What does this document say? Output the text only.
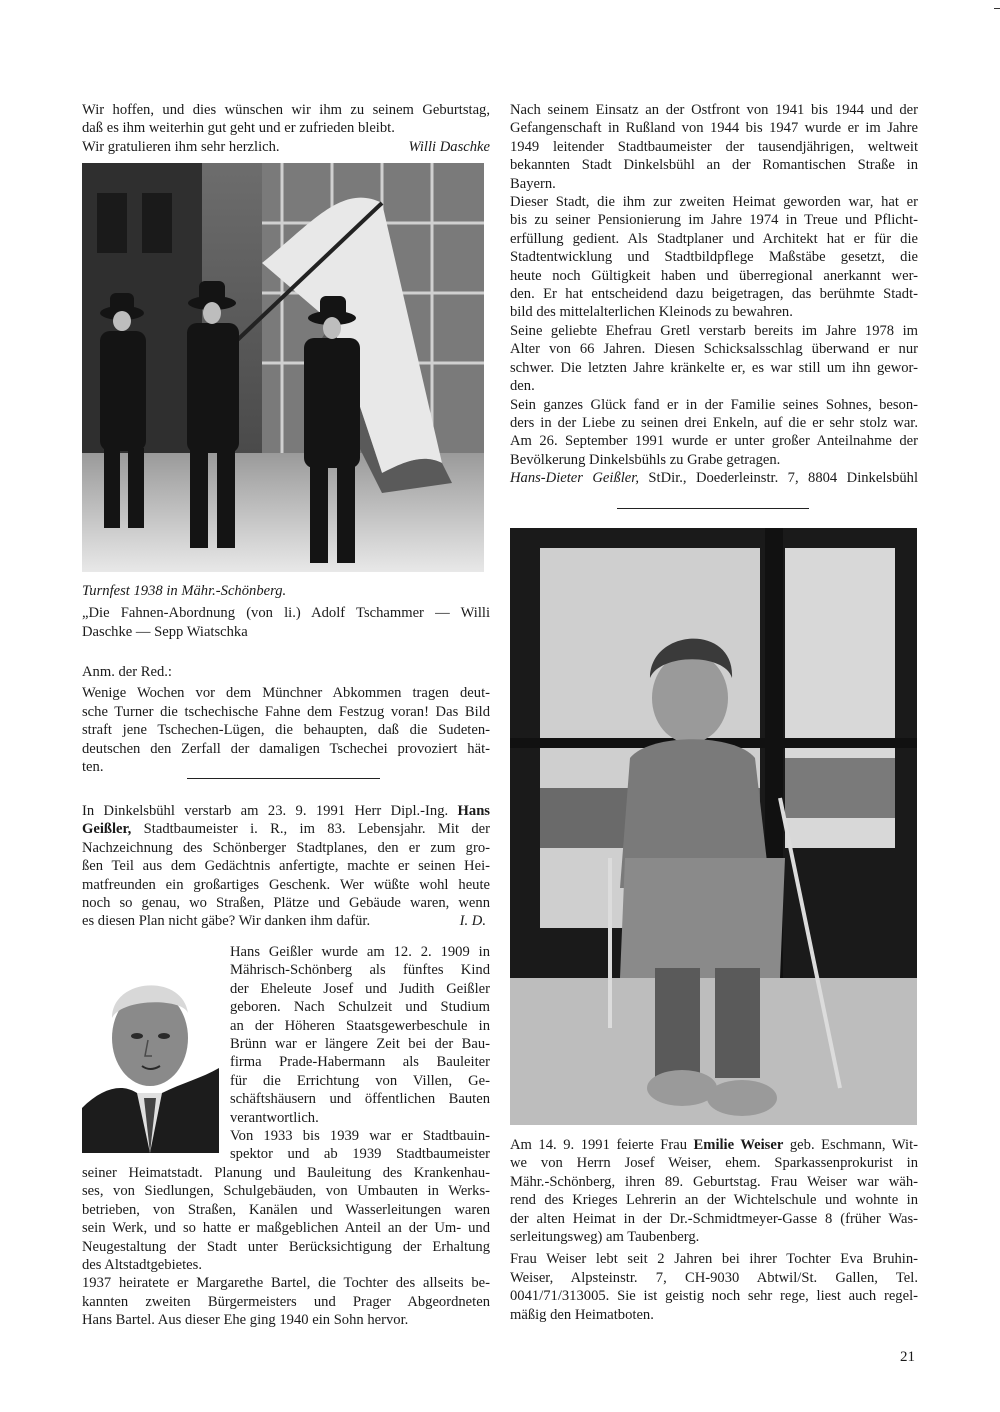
Wir hoffen, und dies wünschen wir ihm zu seinem Geburtstag,
daß es ihm weiterhin gut geht und er zufrieden bleibt.
Wir gratulieren ihm sehr herzlich.	Willi Daschke
Turnfest 1938 in Mähr.-Schönberg.
„Die Fahnen-Abordnung (von li.) Adolf Tschammer — Willi
Daschke — Sepp Wiatschka
Anm. der Red.:
Wenige Wochen vor dem Münchner Abkommen tragen deut-
sche Turner die tschechische Fahne dem Festzug voran! Das Bild
straft jene Tschechen-Lügen, die behaupten, daß die Sudeten-
deutschen den Zerfall der damaligen Tschechei provoziert hät-
ten.
In Dinkelsbühl verstarb am 23. 9. 1991 Herr Dipl.-Ing. Hans
Geißler, Stadtbaumeister i. R., im 83. Lebensjahr. Mit der
Nachzeichnung des Schönberger Stadtplanes, den er zum gro-
ßen Teil aus dem Gedächtnis anfertigte, machte er seinen Hei-
matfreunden ein großartiges Geschenk. Wer wüßte wohl heute
noch so genau, wo Straßen, Plätze und Gebäude waren, wenn
es diesen Plan nicht gäbe? Wir danken ihm dafür.	I. D.
Hans Geißler wurde am 12. 2. 1909 in
Mährisch-Schönberg als fünftes Kind
der Eheleute Josef und Judith Geißler
geboren. Nach Schulzeit und Studium
an der Höheren Staatsgewerbeschule in
Brünn war er längere Zeit bei der Bau-
firma Prade-Habermann als Bauleiter
für die Errichtung von Villen, Ge-
schäftshäusern und öffentlichen Bauten
verantwortlich.
Von 1933 bis 1939 war er Stadtbauin-
spektor und ab 1939 Stadtbaumeister
seiner Heimatstadt. Planung und Bauleitung des Krankenhau-
ses, von Siedlungen, Schulgebäuden, von Umbauten in Werks-
betrieben, von Straßen, Kanälen und Wasserleitungen waren
sein Werk, und so hatte er maßgeblichen Anteil an der Um- und
Neugestaltung der Stadt unter Berücksichtigung der Erhaltung
des Altstadtgebietes.
1937 heiratete er Margarethe Bartel, die Tochter des allseits be-
kannten zweiten Bürgermeisters und Prager Abgeordneten
Hans Bartel. Aus dieser Ehe ging 1940 ein Sohn hervor.
Nach seinem Einsatz an der Ostfront von 1941 bis 1944 und der
Gefangenschaft in Rußland von 1944 bis 1947 wurde er im Jahre
1949 leitender Stadtbaumeister der tausendjährigen, weltweit
bekannten Stadt Dinkelsbühl an der Romantischen Straße in
Bayern.
Dieser Stadt, die ihm zur zweiten Heimat geworden war, hat er
bis zu seiner Pensionierung im Jahre 1974 in Treue und Pflicht-
erfüllung gedient. Als Stadtplaner und Architekt hat er für die
Stadtentwicklung und Stadtbildpflege Maßstäbe gesetzt, die
heute noch Gültigkeit haben und überregional anerkannt wer-
den. Er hat entscheidend dazu beigetragen, das berühmte Stadt-
bild des mittelalterlichen Kleinods zu bewahren.
Seine geliebte Ehefrau Gretl verstarb bereits im Jahre 1978 im
Alter von 66 Jahren. Diesen Schicksalsschlag überwand er nur
schwer. Die letzten Jahre kränkelte er, es war still um ihn gewor-
den.
Sein ganzes Glück fand er in der Familie seines Sohnes, beson-
ders in der Liebe zu seinen drei Enkeln, auf die er sehr stolz war.
Am 26. September 1991 wurde er unter großer Anteilnahme der
Bevölkerung Dinkelsbühls zu Grabe getragen.
Hans-Dieter Geißler, StDir., Doederleinstr. 7, 8804 Dinkelsbühl
Am 14. 9. 1991 feierte Frau Emilie Weiser geb. Eschmann, Wit-
we von Herrn Josef Weiser, ehem. Sparkassenprokurist in
Mähr.-Schönberg, ihren 89. Geburtstag. Frau Weiser war wäh-
rend des Krieges Lehrerin an der Wichtelschule und wohnte in
der alten Heimat in der Dr.-Schmidtmeyer-Gasse 8 (früher Was-
serleitungsweg) am Taubenberg.
Frau Weiser lebt seit 2 Jahren bei ihrer Tochter Eva Bruhin-
Weiser, Alpsteinstr. 7, CH-9030 Abtwil/St. Gallen, Tel.
0041/71/313005. Sie ist geistig noch sehr rege, liest auch regel-
mäßig den Heimatboten.
21
